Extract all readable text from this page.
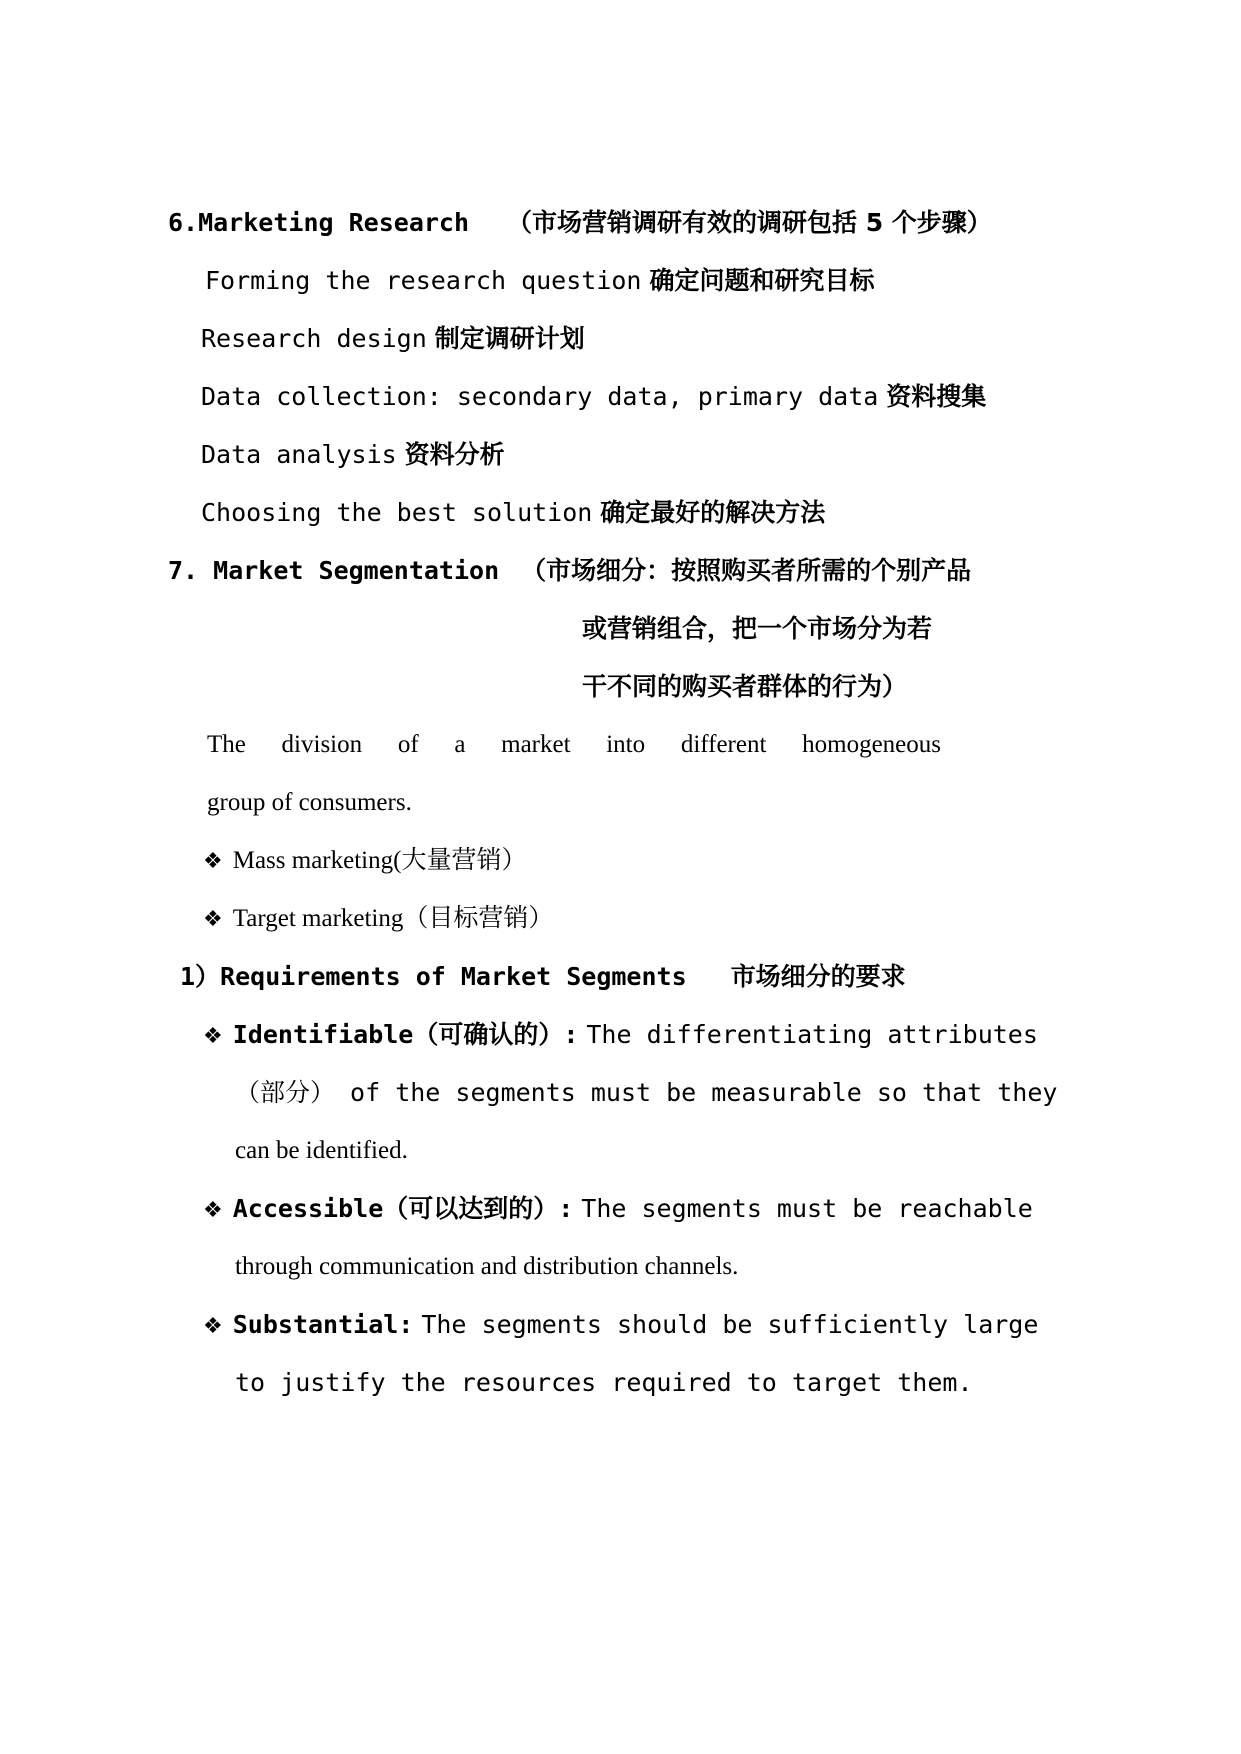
6.Marketing Research （市场营销调研有效的调研包括 5 个步骤）
Forming the research question 确定问题和研究目标
Research design 制定调研计划
Data collection: secondary data, primary data 资料搜集
Data analysis 资料分析
Choosing the best solution 确定最好的解决方法
7. Market Segmentation （市场细分：按照购买者所需的个别产品
或营销组合，把一个市场分为若
干不同的购买者群体的行为）
The division of a market into different homogeneous
group of consumers.
❖ Mass marketing(大量营销）
❖ Target marketing（目标营销）
1）Requirements of Market Segments 市场细分的要求
❖ Identifiable（可确认的）: The differentiating attributes
（部分） of the segments must be measurable so that they
can be identified.
❖ Accessible（可以达到的）: The segments must be reachable
through communication and distribution channels.
❖ Substantial: The segments should be sufficiently large
to justify the resources required to target them.
